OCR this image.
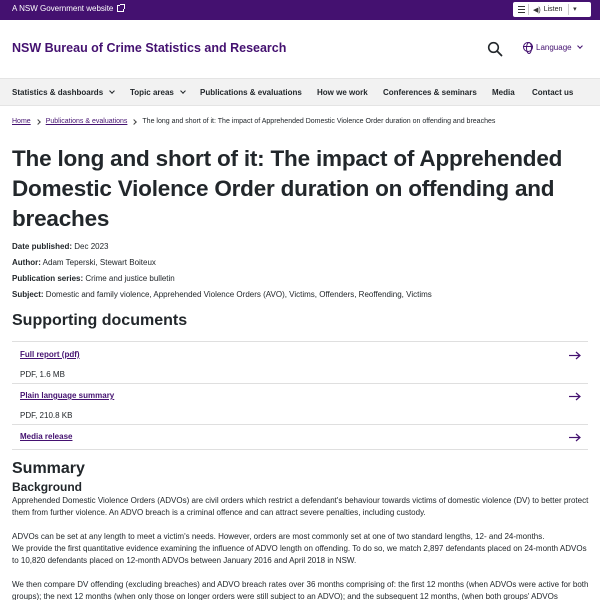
A NSW Government website	◀) Listen	▾
NSW Bureau of Crime Statistics and Research	Language
Statistics & dashboards	Topic areas	Publications & evaluations How we work Conferences & seminars Media Contact us
Home Publications & evaluations The long and short of it: The impact of Apprehended Domestic Violence Order duration on offending and breaches
The long and short of it: The impact of Apprehended Domestic Violence Order duration on offending and breaches
Date published: Dec 2023
Author: Adam Teperski, Stewart Boiteux
Publication series: Crime and justice bulletin
Subject: Domestic and family violence, Apprehended Violence Orders (AVO), Victims, Offenders, Reoffending, Victims
Supporting documents
Full report (pdf)
PDF, 1.6 MB
Plain language summary
PDF, 210.8 KB
Media release
Summary
Background

Apprehended Domestic Violence Orders (ADVOs) are civil orders which restrict a defendant's behaviour towards victims of domestic violence (DV) to better protect them from further violence. An ADVO breach is a criminal offence and can attract severe penalties, including custody.

ADVOs can be set at any length to meet a victim's needs. However, orders are most commonly set at one of two standard lengths, 12- and 24-months.

We provide the first quantitative evidence examining the influence of ADVO length on offending. To do so, we match 2,897 defendants placed on 24-month ADVOs to 10,820 defendants placed on 12-month ADVOs between January 2016 and April 2018 in NSW.

We then compare DV offending (excluding breaches) and ADVO breach rates over 36 months comprising of: the first 12 months (when ADVOs were active for both groups); the next 12 months (when only those on longer orders were still subject to an ADVO); and the subsequent 12 months, (when both groups' ADVOs
